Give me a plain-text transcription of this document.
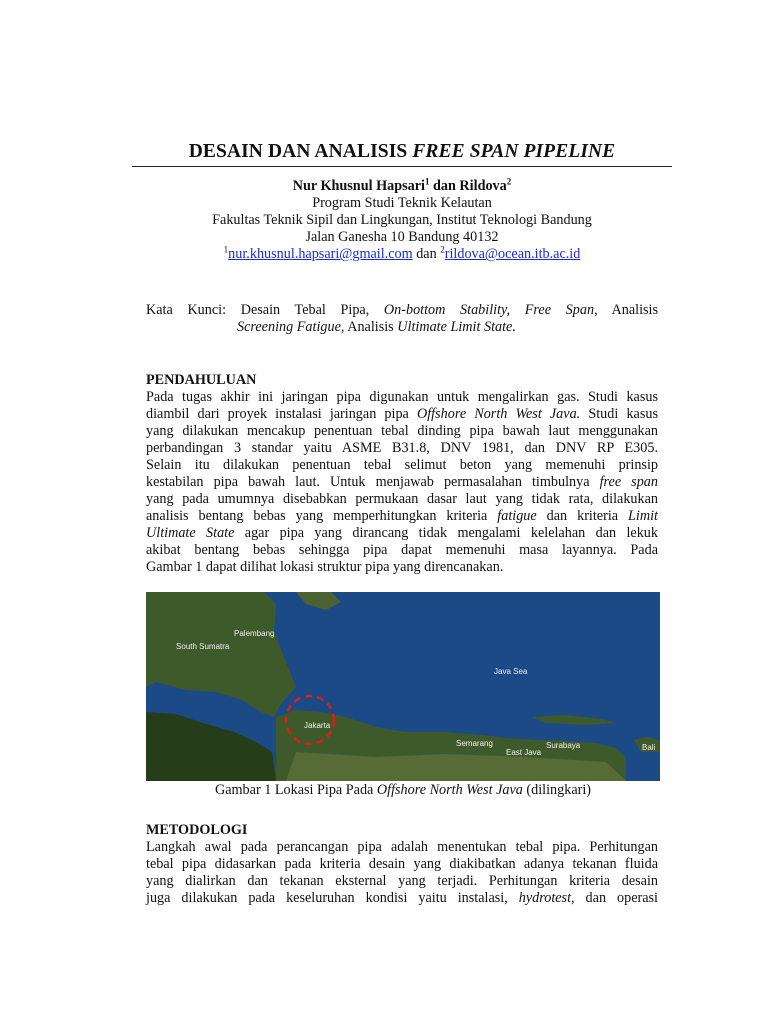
DESAIN DAN ANALISIS FREE SPAN PIPELINE
Nur Khusnul Hapsari$^1$ dan Rildova$^2$
Program Studi Teknik Kelautan
Fakultas Teknik Sipil dan Lingkungan, Institut Teknologi Bandung
Jalan Ganesha 10 Bandung 40132
$^1$nur.khusnul.hapsari@gmail.com dan $^2$rildova@ocean.itb.ac.id
Kata Kunci: Desain Tebal Pipa, On-bottom Stability, Free Span, Analisis
Screening Fatigue, Analisis Ultimate Limit State.
PENDAHULUAN
Pada tugas akhir ini jaringan pipa digunakan untuk mengalirkan gas. Studi kasus
diambil dari proyek instalasi jaringan pipa Offshore North West Java. Studi kasus
yang dilakukan mencakup penentuan tebal dinding pipa bawah laut menggunakan
perbandingan 3 standar yaitu ASME B31.8, DNV 1981, dan DNV RP E305.
Selain itu dilakukan penentuan tebal selimut beton yang memenuhi prinsip
kestabilan pipa bawah laut. Untuk menjawab permasalahan timbulnya free span
yang pada umumnya disebabkan permukaan dasar laut yang tidak rata, dilakukan
analisis bentang bebas yang memperhitungkan kriteria fatigue dan kriteria Limit
Ultimate State agar pipa yang dirancang tidak mengalami kelelahan dan lekuk
akibat bentang bebas sehingga pipa dapat memenuhi masa layannya. Pada
Gambar 1 dapat dilihat lokasi struktur pipa yang direncanakan.
Palembang
South Sumatra
Java Sea
Jakarta
Semarang
East Java
Surabaya	Bali
Gambar 1 Lokasi Pipa Pada Offshore North West Java (dilingkari)
METODOLOGI
Langkah awal pada perancangan pipa adalah menentukan tebal pipa. Perhitungan
tebal pipa didasarkan pada kriteria desain yang diakibatkan adanya tekanan fluida
yang dialirkan dan tekanan eksternal yang terjadi. Perhitungan kriteria desain
juga dilakukan pada keseluruhan kondisi yaitu instalasi, hydrotest, dan operasi
